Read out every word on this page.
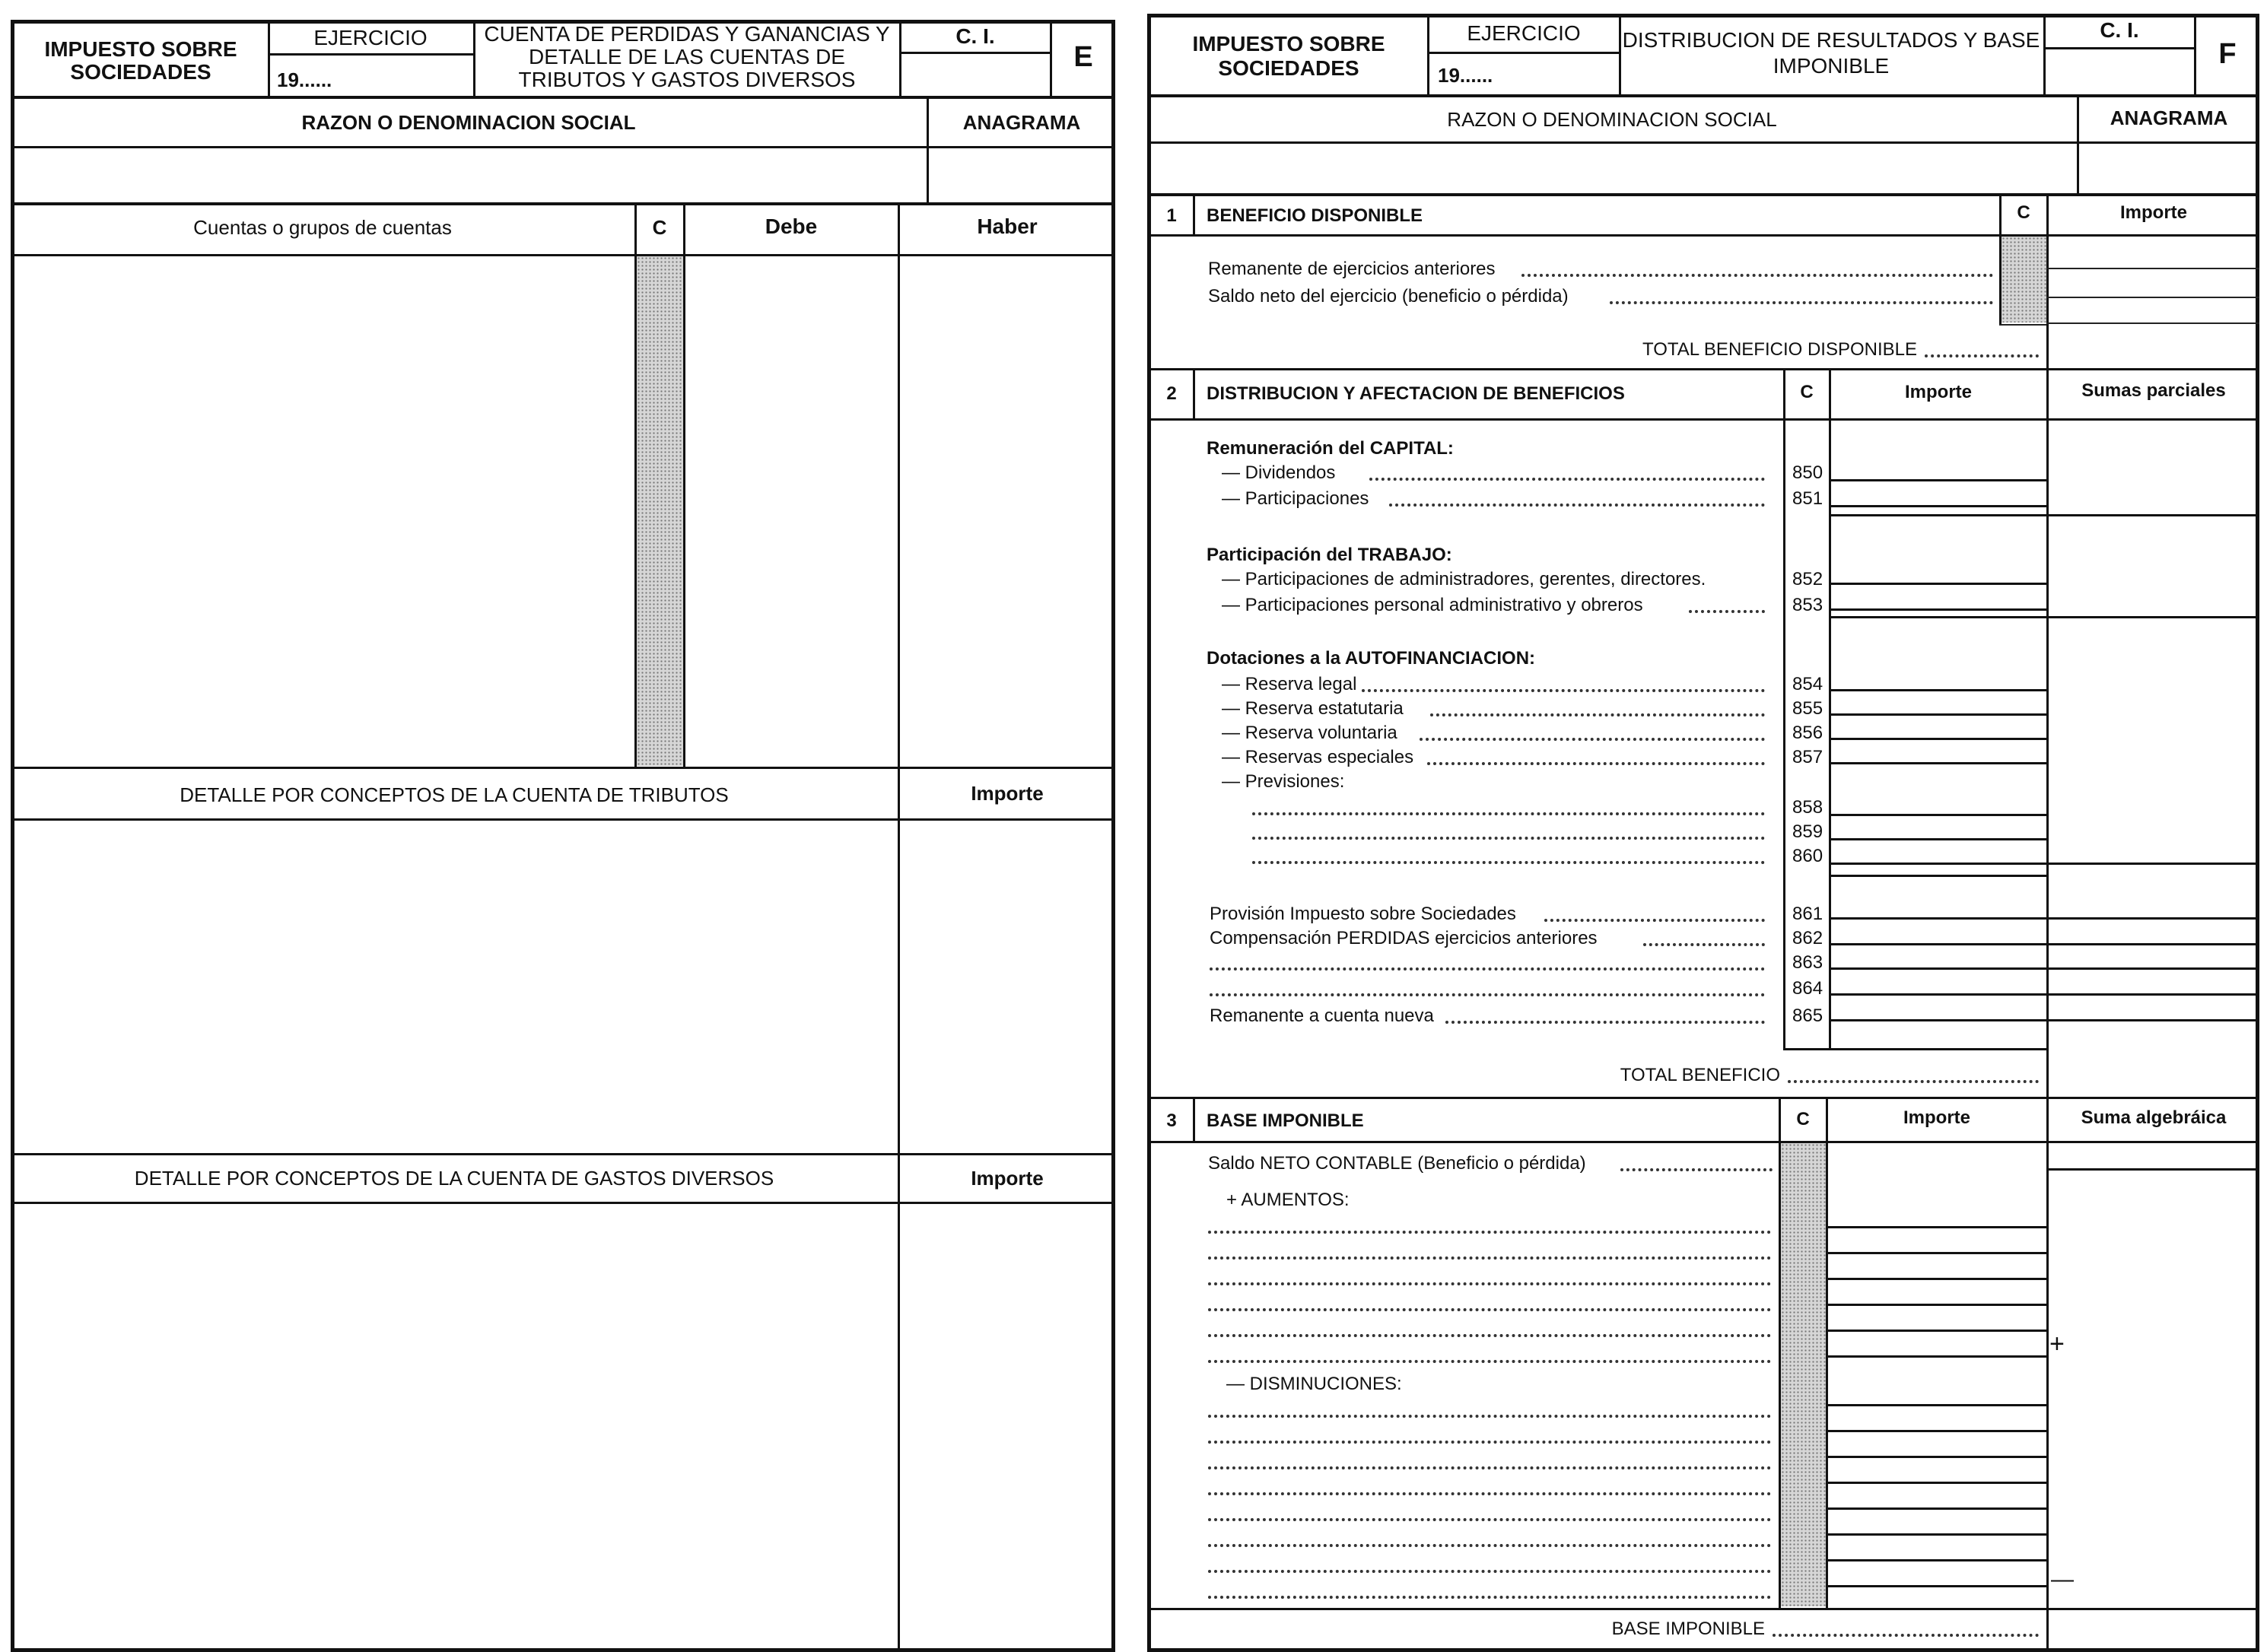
IMPUESTO SOBRE SOCIEDADES
EJERCICIO
19......
CUENTA DE PERDIDAS Y GANANCIAS Y DETALLE DE LAS CUENTAS DE TRIBUTOS Y GASTOS DIVERSOS
C. I.
E
RAZON O DENOMINACION SOCIAL	ANAGRAMA
Cuentas o grupos de cuentas	C	Debe	Haber
DETALLE POR CONCEPTOS DE LA CUENTA DE TRIBUTOS	Importe
DETALLE POR CONCEPTOS DE LA CUENTA DE GASTOS DIVERSOS	Importe
IMPUESTO SOBRE SOCIEDADES
EJERCICIO
19......
DISTRIBUCION DE RESULTADOS Y BASE IMPONIBLE
C. I.
F
RAZON O DENOMINACION SOCIAL	ANAGRAMA
1	BENEFICIO DISPONIBLE	C	Importe
Remanente de ejercicios anteriores
Saldo neto del ejercicio (beneficio o pérdida)
TOTAL BENEFICIO DISPONIBLE
2	DISTRIBUCION Y AFECTACION DE BENEFICIOS	C	Importe	Sumas parciales
Remuneración del CAPITAL:
— Dividendos	850
— Participaciones	851
Participación del TRABAJO:
— Participaciones de administradores, gerentes, directores.	852
— Participaciones personal administrativo y obreros	853
Dotaciones a la AUTOFINANCIACION:
— Reserva legal	854
— Reserva estatutaria	855
— Reserva voluntaria	856
— Reservas especiales	857
— Previsiones:
858
859
860
Provisión Impuesto sobre Sociedades	861
Compensación PERDIDAS ejercicios anteriores	862
863
864
Remanente a cuenta nueva	865
TOTAL BENEFICIO
3	BASE IMPONIBLE	C	Importe	Suma algebráica
Saldo NETO CONTABLE (Beneficio o pérdida)
+ AUMENTOS:
+
— DISMINUCIONES:
—
BASE IMPONIBLE
